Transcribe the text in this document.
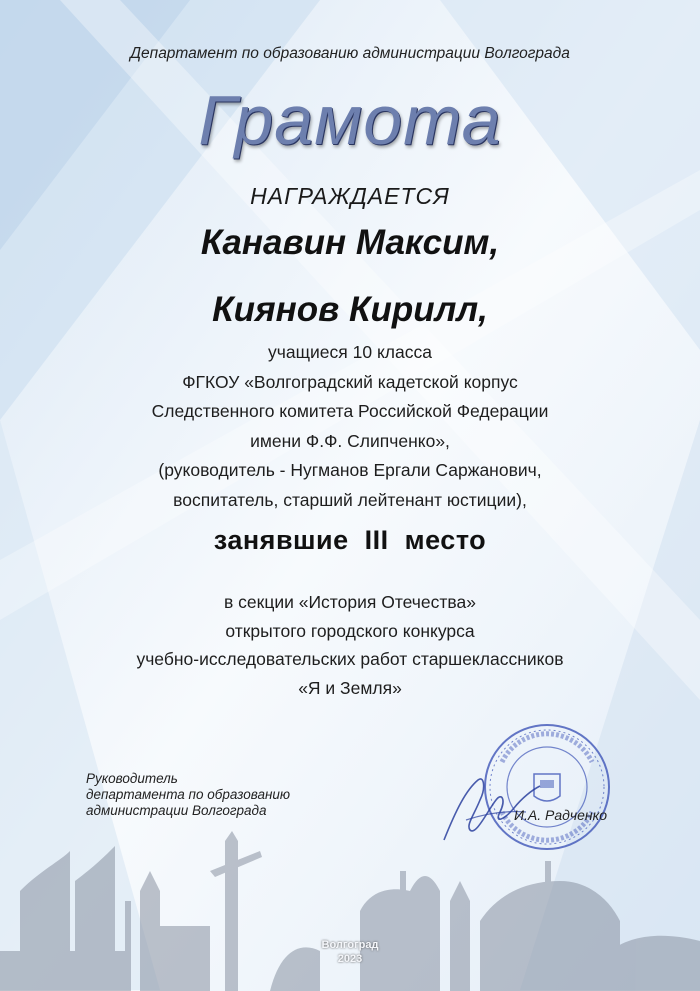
Департамент по образованию администрации Волгограда
Грамота
НАГРАЖДАЕТСЯ
Канавин Максим,
Киянов Кирилл,
учащиеся 10 класса
ФГКОУ «Волгоградский кадетской корпус
Следственного комитета Российской Федерации
имени Ф.Ф. Слипченко»,
(руководитель - Нугманов Ергали Саржанович,
воспитатель, старший лейтенант юстиции),
занявшие  III  место
в секции «История Отечества»
открытого городского конкурса
учебно-исследовательских работ старшеклассников
«Я и Земля»
Руководитель
департамента по образованию
администрации Волгограда	И.А. Радченко
Волгоград
2023
